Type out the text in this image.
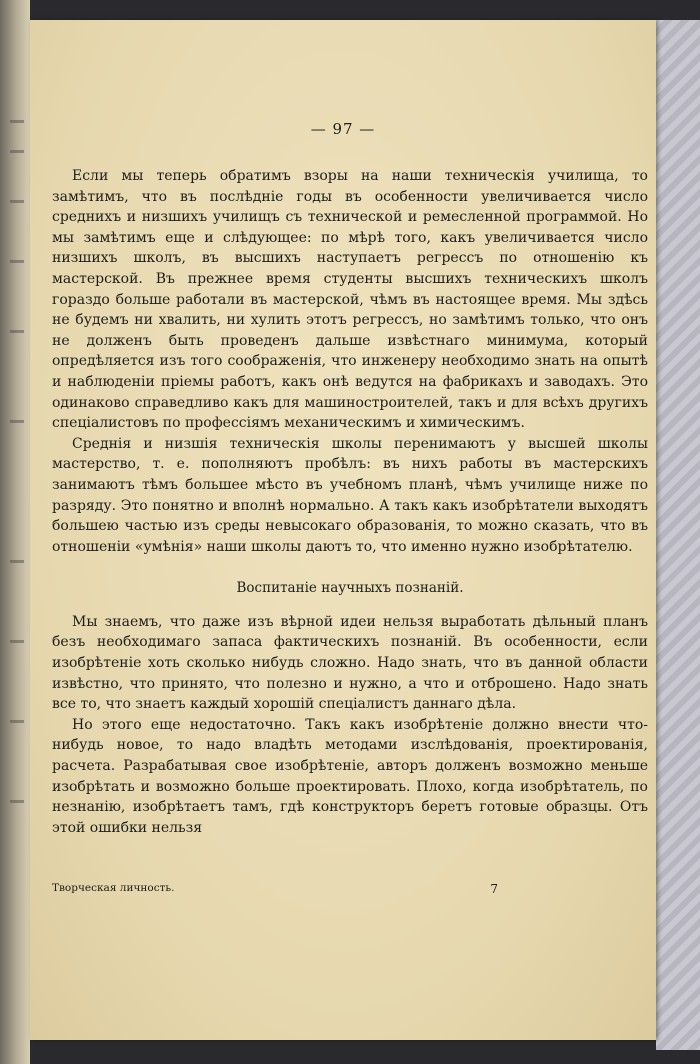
— 97 —

Если мы теперь обратимъ взоры на наши техническія училища, то замѣтимъ, что въ послѣдніе годы въ особенности увеличивается число среднихъ и низшихъ училищъ съ технической и ремесленной программой. Но мы замѣтимъ еще и слѣдующее: по мѣрѣ того, какъ увеличивается число низшихъ школъ, въ высшихъ наступаетъ регрессъ по отношенію къ мастерской. Въ прежнее время студенты высшихъ техническихъ школъ гораздо больше работали въ мастерской, чѣмъ въ настоящее время. Мы здѣсь не будемъ ни хвалить, ни хулить этотъ регрессъ, но замѣтимъ только, что онъ не долженъ быть проведенъ дальше извѣстнаго минимума, который опредѣляется изъ того соображенія, что инженеру необходимо знать на опытѣ и наблюденіи пріемы работъ, какъ онѣ ведутся на фабрикахъ и заводахъ. Это одинаково справедливо какъ для машиностроителей, такъ и для всѣхъ другихъ спеціалистовъ по профессіямъ механическимъ и химическимъ.

Среднія и низшія техническія школы перенимаютъ у высшей школы мастерство, т. е. пополняютъ пробѣлъ: въ нихъ работы въ мастерскихъ занимаютъ тѣмъ большее мѣсто въ учебномъ планѣ, чѣмъ училище ниже по разряду. Это понятно и вполнѣ нормально. А такъ какъ изобрѣтатели выходятъ большею частью изъ среды невысокаго образованія, то можно сказать, что въ отношеніи «умѣнія» наши школы даютъ то, что именно нужно изобрѣтателю.

Воспитаніе научныхъ познаній.

Мы знаемъ, что даже изъ вѣрной идеи нельзя выработать дѣльный планъ безъ необходимаго запаса фактическихъ познаній. Въ особенности, если изобрѣтеніе хоть сколько нибудь сложно. Надо знать, что въ данной области извѣстно, что принято, что полезно и нужно, а что и отброшено. Надо знать все то, что знаетъ каждый хорошій спеціалистъ даннаго дѣла.

Но этого еще недостаточно. Такъ какъ изобрѣтеніе должно внести что-нибудь новое, то надо владѣть методами изслѣдованія, проектированія, расчета. Разрабатывая свое изобрѣтеніе, авторъ долженъ возможно меньше изобрѣтать и возможно больше проектировать. Плохо, когда изобрѣтатель, по незнанію, изобрѣтаетъ тамъ, гдѣ конструкторъ беретъ готовые образцы. Отъ этой ошибки нельзя

Творческая личность.	7
